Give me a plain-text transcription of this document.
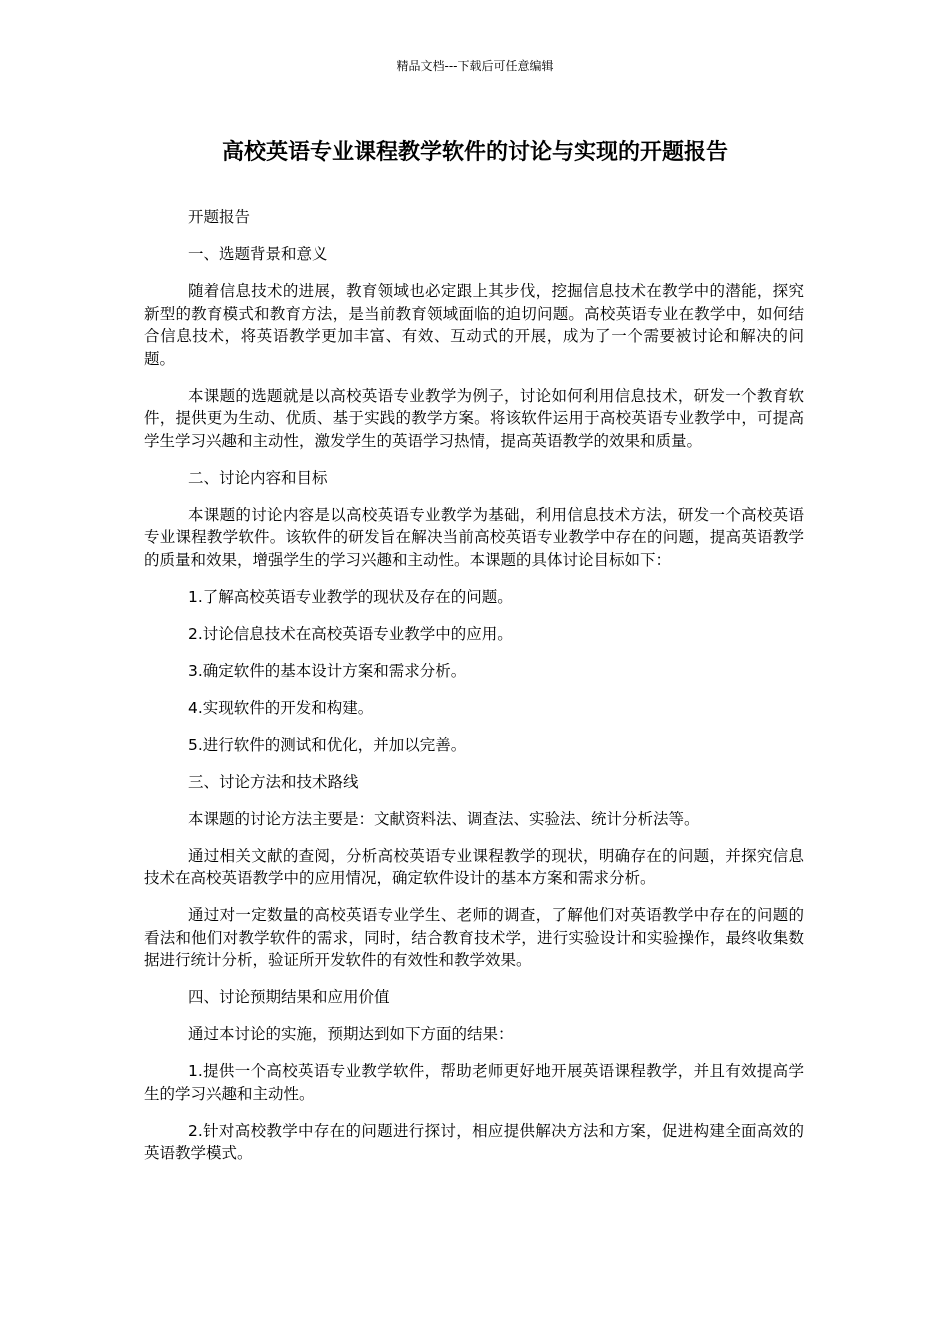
精品文档---下载后可任意编辑
高校英语专业课程教学软件的讨论与实现的开题报告

开题报告

一、选题背景和意义

随着信息技术的进展，教育领域也必定跟上其步伐，挖掘信息技术在教学中的潜能，探究新型的教育模式和教育方法，是当前教育领域面临的迫切问题。高校英语专业在教学中，如何结合信息技术，将英语教学更加丰富、有效、互动式的开展，成为了一个需要被讨论和解决的问题。

本课题的选题就是以高校英语专业教学为例子，讨论如何利用信息技术，研发一个教育软件，提供更为生动、优质、基于实践的教学方案。将该软件运用于高校英语专业教学中，可提高学生学习兴趣和主动性，激发学生的英语学习热情，提高英语教学的效果和质量。

二、讨论内容和目标

本课题的讨论内容是以高校英语专业教学为基础，利用信息技术方法，研发一个高校英语专业课程教学软件。该软件的研发旨在解决当前高校英语专业教学中存在的问题，提高英语教学的质量和效果，增强学生的学习兴趣和主动性。本课题的具体讨论目标如下：

1.了解高校英语专业教学的现状及存在的问题。

2.讨论信息技术在高校英语专业教学中的应用。

3.确定软件的基本设计方案和需求分析。

4.实现软件的开发和构建。

5.进行软件的测试和优化，并加以完善。

三、讨论方法和技术路线

本课题的讨论方法主要是：文献资料法、调查法、实验法、统计分析法等。

通过相关文献的查阅，分析高校英语专业课程教学的现状，明确存在的问题，并探究信息技术在高校英语教学中的应用情况，确定软件设计的基本方案和需求分析。

通过对一定数量的高校英语专业学生、老师的调查，了解他们对英语教学中存在的问题的看法和他们对教学软件的需求，同时，结合教育技术学，进行实验设计和实验操作，最终收集数据进行统计分析，验证所开发软件的有效性和教学效果。

四、讨论预期结果和应用价值

通过本讨论的实施，预期达到如下方面的结果：

1.提供一个高校英语专业教学软件，帮助老师更好地开展英语课程教学，并且有效提高学生的学习兴趣和主动性。

2.针对高校教学中存在的问题进行探讨，相应提供解决方法和方案，促进构建全面高效的英语教学模式。
